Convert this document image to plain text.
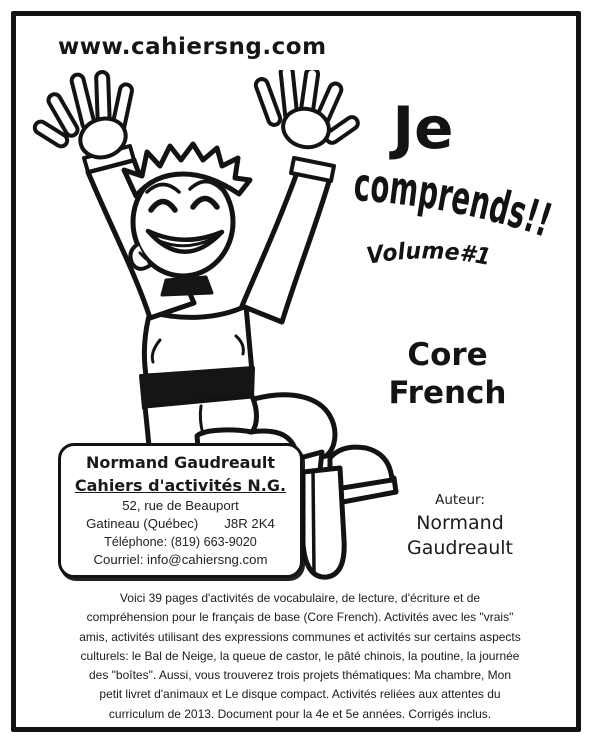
www.cahiersng.com
Je
comprends!!
Volume#1
Core
French
Auteur:
Normand
Gaudreault
Normand Gaudreault
Cahiers d'activités N.G.
52, rue de Beauport
Gatineau (Québec) J8R 2K4
Téléphone: (819) 663-9020
Courriel: info@cahiersng.com
Voici 39 pages d'activités de vocabulaire, de lecture, d'écriture et de
compréhension pour le français de base (Core French). Activités avec les "vrais"
amis, activités utilisant des expressions communes et activités sur certains aspects
culturels: le Bal de Neige, la queue de castor, le pâté chinois, la poutine, la journée
des "boîtes". Aussi, vous trouverez trois projets thématiques: Ma chambre, Mon
petit livret d'animaux et Le disque compact. Activités reliées aux attentes du
curriculum de 2013. Document pour la 4e et 5e années. Corrigés inclus.
